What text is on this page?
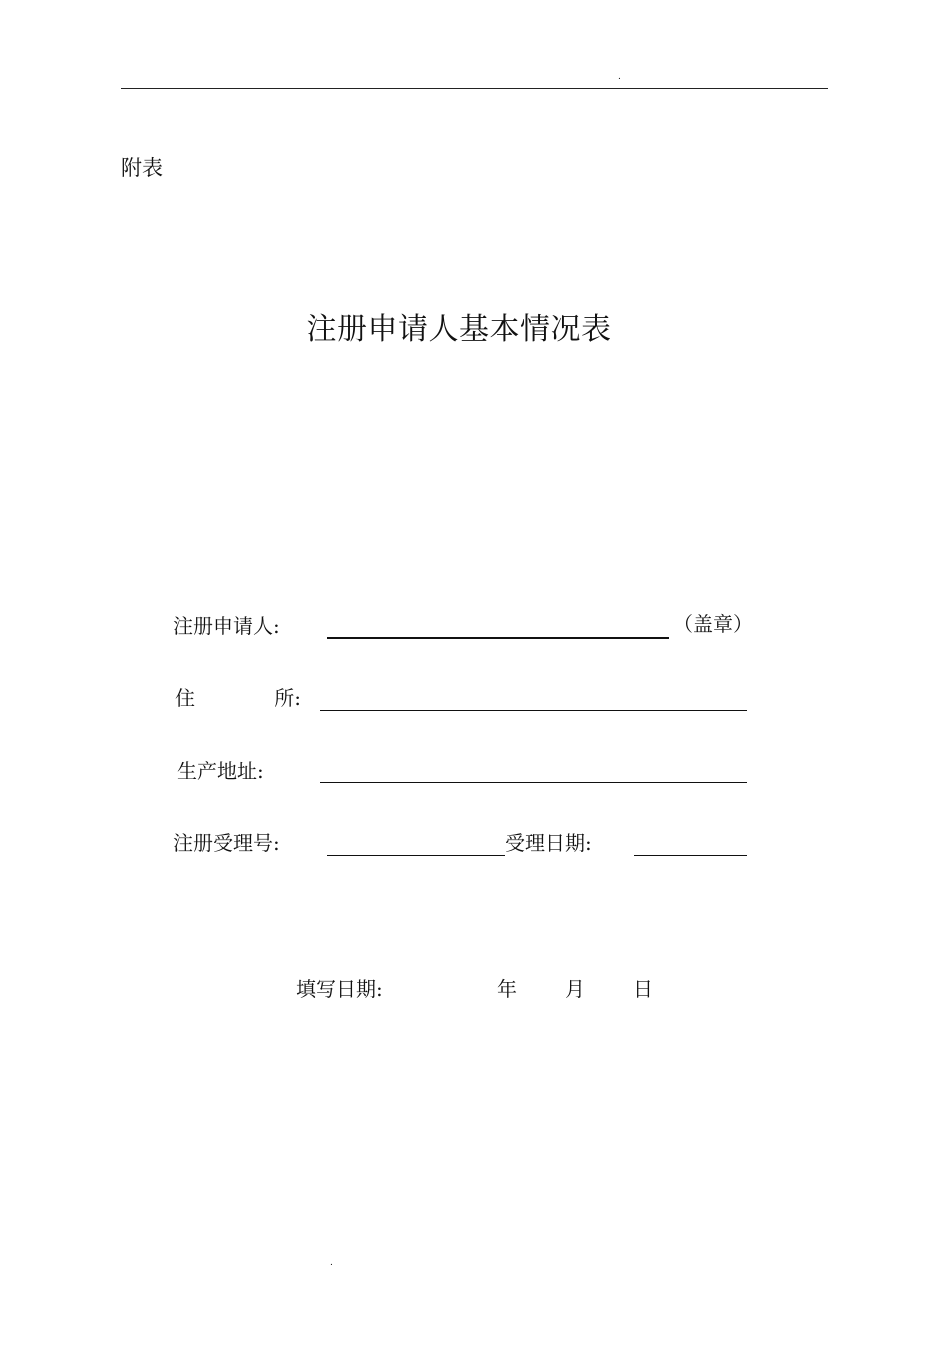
.
附表
注册申请人基本情况表
注册申请人:	（盖章）
住	所:
生产地址:
注册受理号:	受理日期:
填写日期:	年 月 日
.
